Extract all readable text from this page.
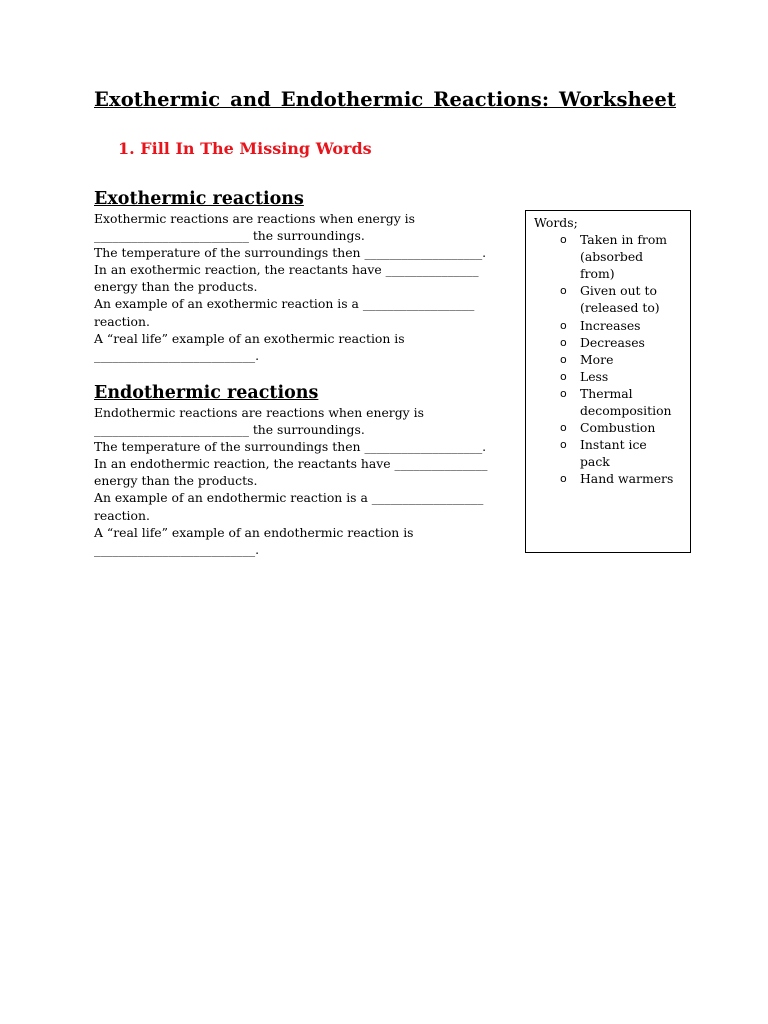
Exothermic and Endothermic Reactions: Worksheet
1. Fill In The Missing Words
Exothermic reactions

Exothermic reactions are reactions when energy is

_________________________ the surroundings.

The temperature of the surroundings then ___________________.

In an exothermic reaction, the reactants have _______________

energy than the products.

An example of an exothermic reaction is a __________________

reaction.

A “real life” example of an exothermic reaction is

__________________________.

Endothermic reactions

Endothermic reactions are reactions when energy is

_________________________ the surroundings.

The temperature of the surroundings then ___________________.

In an endothermic reaction, the reactants have _______________

energy than the products.

An example of an endothermic reaction is a __________________

reaction.

A “real life” example of an endothermic reaction is

__________________________.

Words;

o Taken in from
(absorbed
from)
o Given out to
(released to)
o Increases
o Decreases
o More
o Less
o Thermal
decomposition
o Combustion
o Instant ice
pack
o Hand warmers
